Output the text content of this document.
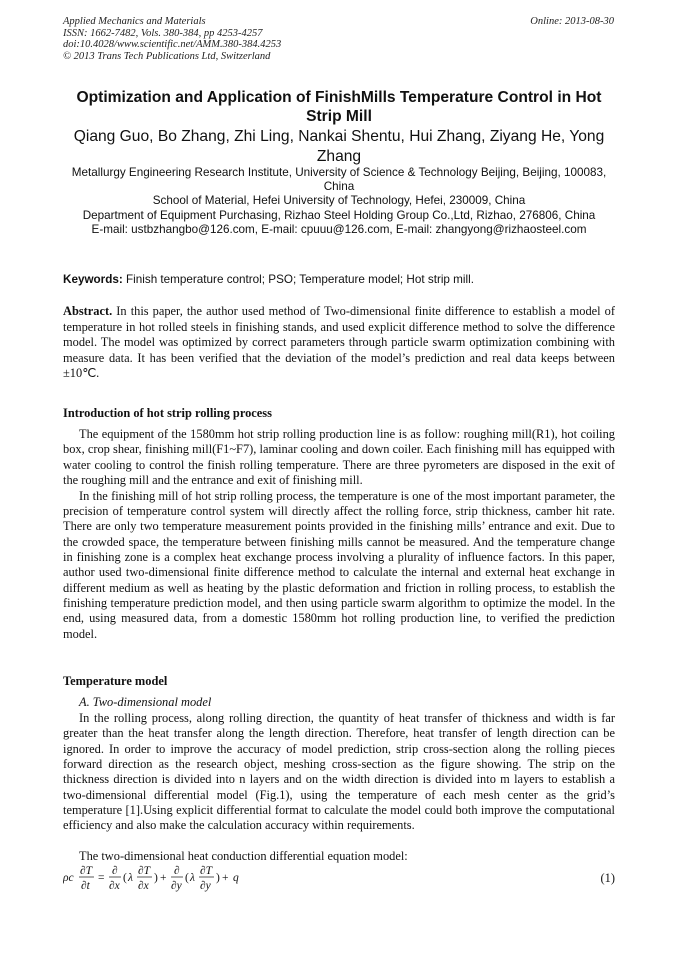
Applied Mechanics and Materials
ISSN: 1662-7482, Vols. 380-384, pp 4253-4257
doi:10.4028/www.scientific.net/AMM.380-384.4253
© 2013 Trans Tech Publications Ltd, Switzerland
Online: 2013-08-30
Optimization and Application of FinishMills Temperature Control in Hot Strip Mill
Qiang Guo, Bo Zhang, Zhi Ling, Nankai Shentu, Hui Zhang, Ziyang He, Yong Zhang
Metallurgy Engineering Research Institute, University of Science & Technology Beijing, Beijing, 100083, China
School of Material, Hefei University of Technology, Hefei, 230009, China
Department of Equipment Purchasing, Rizhao Steel Holding Group Co.,Ltd, Rizhao, 276806, China
E-mail: ustbzhangbo@126.com, E-mail: cpuuu@126.com, E-mail: zhangyong@rizhaosteel.com
Keywords: Finish temperature control; PSO; Temperature model; Hot strip mill.
Abstract. In this paper, the author used method of Two-dimensional finite difference to establish a model of temperature in hot rolled steels in finishing stands, and used explicit difference method to solve the difference model. The model was optimized by correct parameters through particle swarm optimization combining with measure data. It has been verified that the deviation of the model’s prediction and real data keeps between ±10℃.
Introduction of hot strip rolling process

The equipment of the 1580mm hot strip rolling production line is as follow: roughing mill(R1), hot coiling box, crop shear, finishing mill(F1~F7), laminar cooling and down coiler. Each finishing mill has equipped with water cooling to control the finish rolling temperature. There are three pyrometers are disposed in the exit of the roughing mill and the entrance and exit of finishing mill.

In the finishing mill of hot strip rolling process, the temperature is one of the most important parameter, the precision of temperature control system will directly affect the rolling force, strip thickness, camber hit rate. There are only two temperature measurement points provided in the finishing mills’ entrance and exit. Due to the crowded space, the temperature between finishing mills cannot be measured. And the temperature change in finishing zone is a complex heat exchange process involving a plurality of influence factors. In this paper, author used two-dimensional finite difference method to calculate the internal and external heat exchange in different medium as well as heating by the plastic deformation and friction in rolling process, to establish the finishing temperature prediction model, and then using particle swarm algorithm to optimize the model. In the end, using measured data, from a domestic 1580mm hot rolling production line, to verified the prediction model.

Temperature model
A. Two-dimensional model

In the rolling process, along rolling direction, the quantity of heat transfer of thickness and width is far greater than the heat transfer along the length direction. Therefore, heat transfer of length direction can be ignored. In order to improve the accuracy of model prediction, strip cross-section along the rolling pieces forward direction as the research object, meshing cross-section as the figure showing. The strip on the thickness direction is divided into n layers and on the width direction is divided into m layers to establish a two-dimensional differential model (Fig.1), using the temperature of each mesh center as the grid’s temperature [1].Using explicit differential format to calculate the model could both improve the computational efficiency and also make the calculation accuracy within requirements.

The two-dimensional heat conduction differential equation model:

ρc
∂T
∂t
=
∂
∂x
( λ
∂T
∂x
) +
∂
∂y
( λ
∂T
∂y
) + q	(1)
